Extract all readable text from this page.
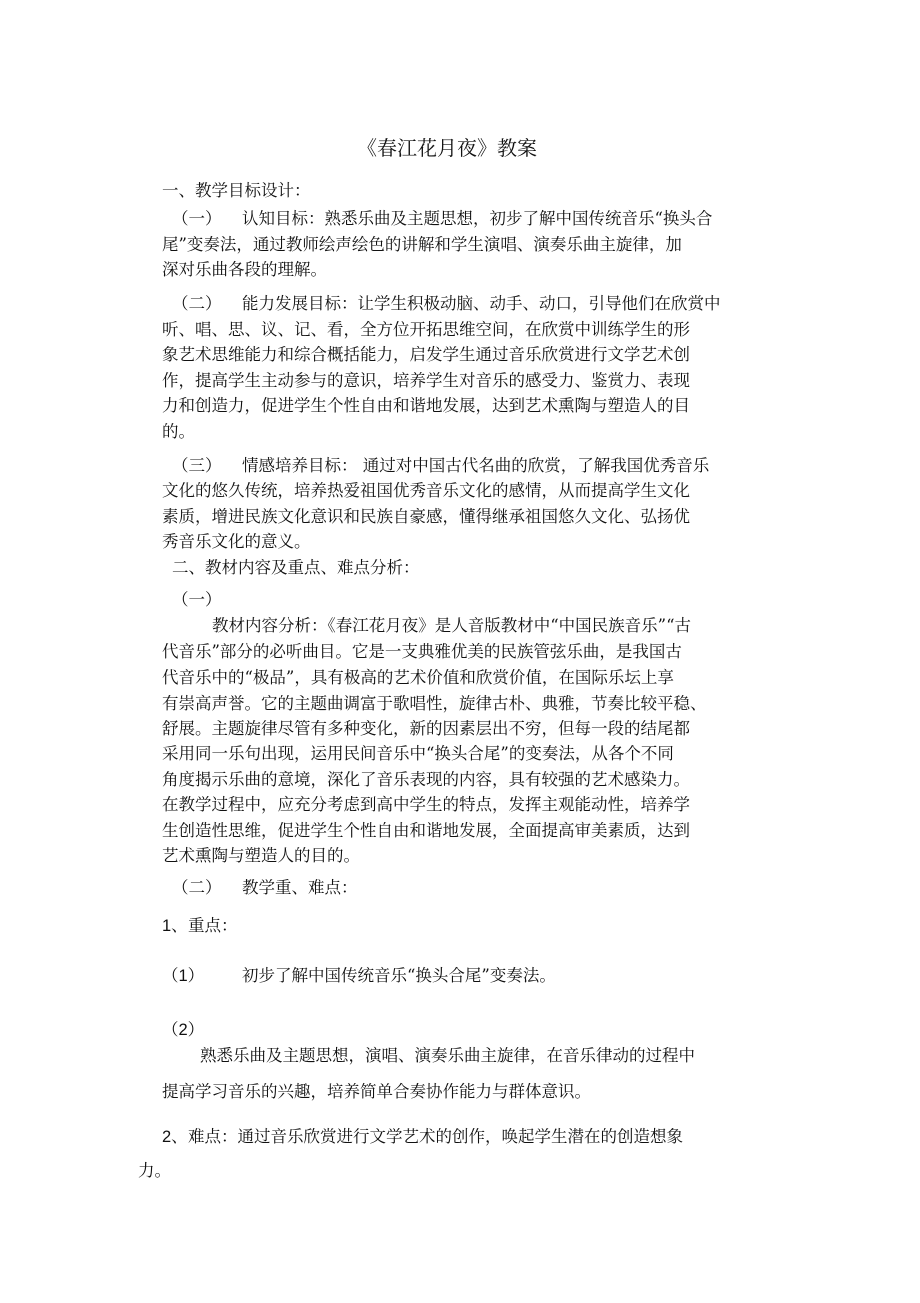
《春江花月夜》教案
一、教学目标设计：
（一） 认知目标：熟悉乐曲及主题思想，初步了解中国传统音乐“换头合
尾”变奏法，通过教师绘声绘色的讲解和学生演唱、演奏乐曲主旋律，加
深对乐曲各段的理解。
（二） 能力发展目标：让学生积极动脑、动手、动口，引导他们在欣赏中
听、唱、思、议、记、看，全方位开拓思维空间，在欣赏中训练学生的形
象艺术思维能力和综合概括能力，启发学生通过音乐欣赏进行文学艺术创
作，提高学生主动参与的意识，培养学生对音乐的感受力、鉴赏力、表现
力和创造力，促进学生个性自由和谐地发展，达到艺术熏陶与塑造人的目
的。
（三） 情感培养目标： 通过对中国古代名曲的欣赏，了解我国优秀音乐
文化的悠久传统，培养热爱祖国优秀音乐文化的感情，从而提高学生文化
素质，增进民族文化意识和民族自豪感，懂得继承祖国悠久文化、弘扬优
秀音乐文化的意义。
二、教材内容及重点、难点分析：
（一）
教材内容分析：《春江花月夜》是人音版教材中“中国民族音乐”“古
代音乐”部分的必听曲目。它是一支典雅优美的民族管弦乐曲，是我国古
代音乐中的“极品”，具有极高的艺术价值和欣赏价值，在国际乐坛上享
有崇高声誉。它的主题曲调富于歌唱性，旋律古朴、典雅，节奏比较平稳、
舒展。主题旋律尽管有多种变化，新的因素层出不穷，但每一段的结尾都
采用同一乐句出现，运用民间音乐中“换头合尾”的变奏法，从各个不同
角度揭示乐曲的意境，深化了音乐表现的内容，具有较强的艺术感染力。
在教学过程中，应充分考虑到高中学生的特点，发挥主观能动性，培养学
生创造性思维，促进学生个性自由和谐地发展，全面提高审美素质，达到
艺术熏陶与塑造人的目的。
（二） 教学重、难点：
1、 重点：
（1） 初步了解中国传统音乐“换头合尾”变奏法。
（2）
熟悉乐曲及主题思想，演唱、演奏乐曲主旋律，在音乐律动的过程中
提高学习音乐的兴趣，培养简单合奏协作能力与群体意识。
2、 难点：通过音乐欣赏进行文学艺术的创作，唤起学生潜在的创造想象
力。
